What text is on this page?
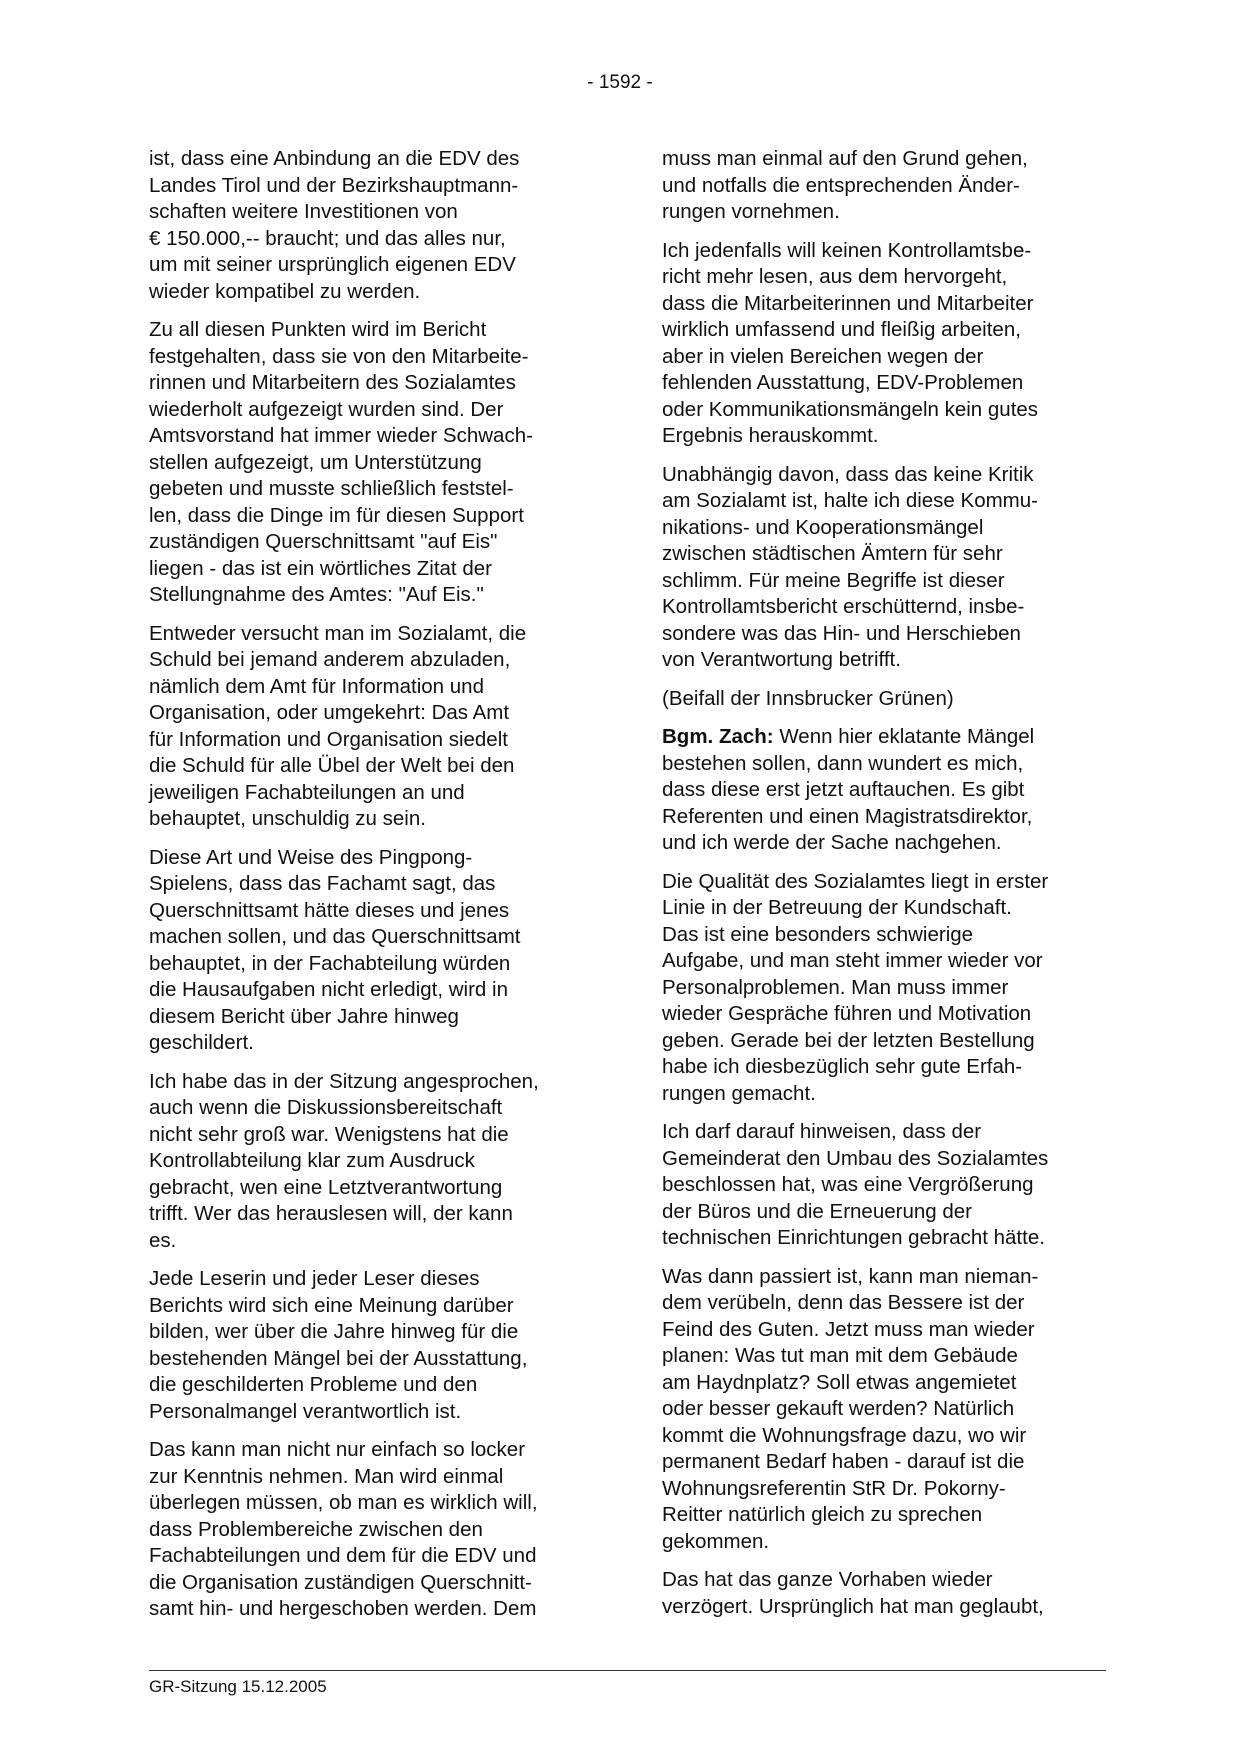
- 1592 -

ist, dass eine Anbindung an die EDV des
Landes Tirol und der Bezirkshauptmann-
schaften weitere Investitionen von
€ 150.000,-- braucht; und das alles nur,
um mit seiner ursprünglich eigenen EDV
wieder kompatibel zu werden.

Zu all diesen Punkten wird im Bericht
festgehalten, dass sie von den Mitarbeite-
rinnen und Mitarbeitern des Sozialamtes
wiederholt aufgezeigt wurden sind. Der
Amtsvorstand hat immer wieder Schwach-
stellen aufgezeigt, um Unterstützung
gebeten und musste schließlich feststel-
len, dass die Dinge im für diesen Support
zuständigen Querschnittsamt "auf Eis"
liegen - das ist ein wörtliches Zitat der
Stellungnahme des Amtes: "Auf Eis."

Entweder versucht man im Sozialamt, die
Schuld bei jemand anderem abzuladen,
nämlich dem Amt für Information und
Organisation, oder umgekehrt: Das Amt
für Information und Organisation siedelt
die Schuld für alle Übel der Welt bei den
jeweiligen Fachabteilungen an und
behauptet, unschuldig zu sein.

Diese Art und Weise des Pingpong-
Spielens, dass das Fachamt sagt, das
Querschnittsamt hätte dieses und jenes
machen sollen, und das Querschnittsamt
behauptet, in der Fachabteilung würden
die Hausaufgaben nicht erledigt, wird in
diesem Bericht über Jahre hinweg
geschildert.

Ich habe das in der Sitzung angesprochen,
auch wenn die Diskussionsbereitschaft
nicht sehr groß war. Wenigstens hat die
Kontrollabteilung klar zum Ausdruck
gebracht, wen eine Letztverantwortung
trifft. Wer das herauslesen will, der kann
es.

Jede Leserin und jeder Leser dieses
Berichts wird sich eine Meinung darüber
bilden, wer über die Jahre hinweg für die
bestehenden Mängel bei der Ausstattung,
die geschilderten Probleme und den
Personalmangel verantwortlich ist.

Das kann man nicht nur einfach so locker
zur Kenntnis nehmen. Man wird einmal
überlegen müssen, ob man es wirklich will,
dass Problembereiche zwischen den
Fachabteilungen und dem für die EDV und
die Organisation zuständigen Querschnitt-
samt hin- und hergeschoben werden. Dem

muss man einmal auf den Grund gehen,
und notfalls die entsprechenden Änder-
rungen vornehmen.

Ich jedenfalls will keinen Kontrollamtsbe-
richt mehr lesen, aus dem hervorgeht,
dass die Mitarbeiterinnen und Mitarbeiter
wirklich umfassend und fleißig arbeiten,
aber in vielen Bereichen wegen der
fehlenden Ausstattung, EDV-Problemen
oder Kommunikationsmängeln kein gutes
Ergebnis herauskommt.

Unabhängig davon, dass das keine Kritik
am Sozialamt ist, halte ich diese Kommu-
nikations- und Kooperationsmängel
zwischen städtischen Ämtern für sehr
schlimm. Für meine Begriffe ist dieser
Kontrollamtsbericht erschütternd, insbe-
sondere was das Hin- und Herschieben
von Verantwortung betrifft.

(Beifall der Innsbrucker Grünen)

Bgm. Zach: Wenn hier eklatante Mängel
bestehen sollen, dann wundert es mich,
dass diese erst jetzt auftauchen. Es gibt
Referenten und einen Magistratsdirektor,
und ich werde der Sache nachgehen.

Die Qualität des Sozialamtes liegt in erster
Linie in der Betreuung der Kundschaft.
Das ist eine besonders schwierige
Aufgabe, und man steht immer wieder vor
Personalproblemen. Man muss immer
wieder Gespräche führen und Motivation
geben. Gerade bei der letzten Bestellung
habe ich diesbezüglich sehr gute Erfah-
rungen gemacht.

Ich darf darauf hinweisen, dass der
Gemeinderat den Umbau des Sozialamtes
beschlossen hat, was eine Vergrößerung
der Büros und die Erneuerung der
technischen Einrichtungen gebracht hätte.

Was dann passiert ist, kann man nieman-
dem verübeln, denn das Bessere ist der
Feind des Guten. Jetzt muss man wieder
planen: Was tut man mit dem Gebäude
am Haydnplatz? Soll etwas angemietet
oder besser gekauft werden? Natürlich
kommt die Wohnungsfrage dazu, wo wir
permanent Bedarf haben - darauf ist die
Wohnungsreferentin StR Dr. Pokorny-
Reitter natürlich gleich zu sprechen
gekommen.

Das hat das ganze Vorhaben wieder
verzögert. Ursprünglich hat man geglaubt,

GR-Sitzung 15.12.2005
